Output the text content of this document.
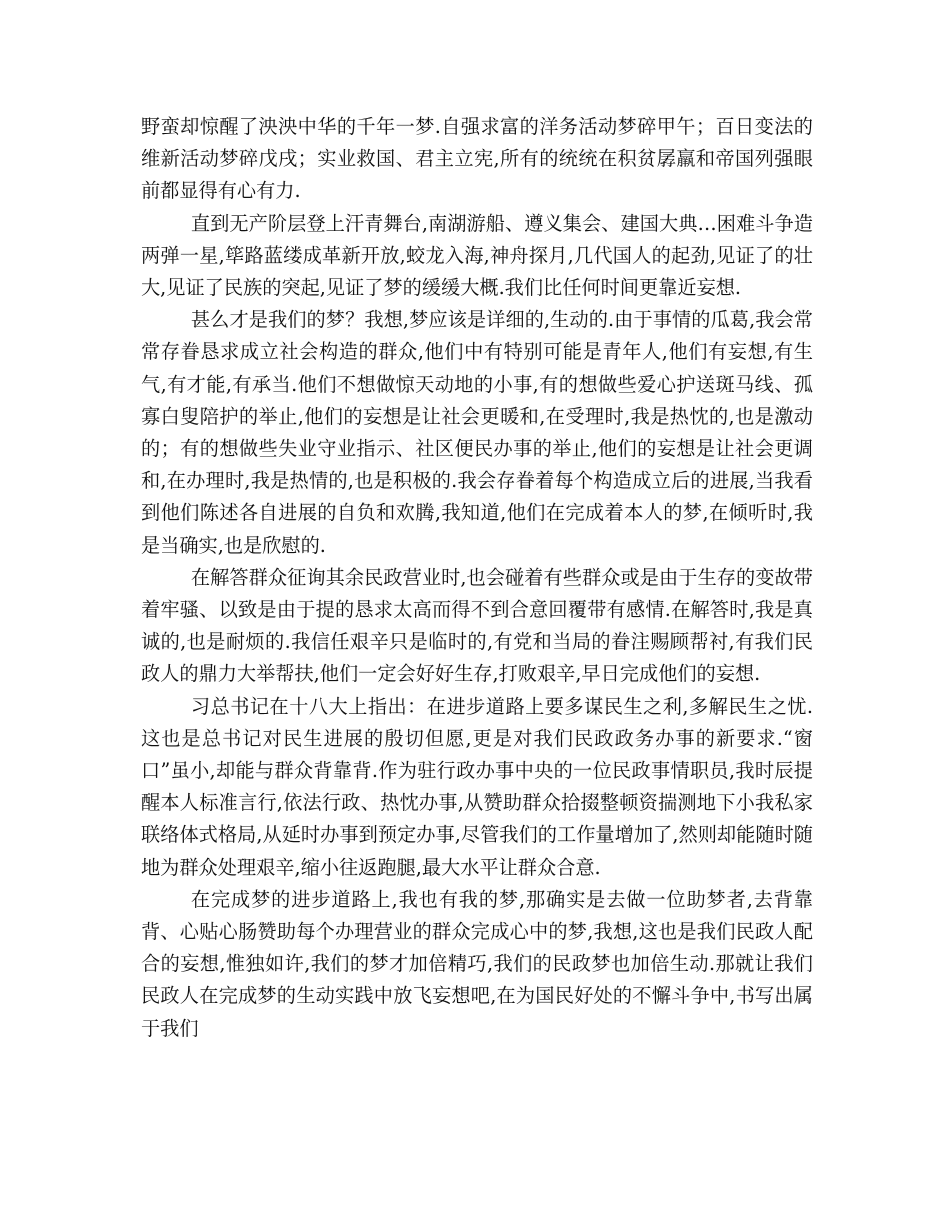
野蛮却惊醒了泱泱中华的千年一梦.自强求富的洋务活动梦碎甲午；百日变法的维新活动梦碎戊戌；实业救国、君主立宪,所有的统统在积贫孱羸和帝国列强眼前都显得有心有力.

直到无产阶层登上汗青舞台,南湖游船、遵义集会、建国大典…困难斗争造两弹一星,筚路蓝缕成革新开放,蛟龙入海,神舟探月,几代国人的起劲,见证了的壮大,见证了民族的突起,见证了梦的缓缓大概.我们比任何时间更靠近妄想.

甚么才是我们的梦？我想,梦应该是详细的,生动的.由于事情的瓜葛,我会常常存眷恳求成立社会构造的群众,他们中有特别可能是青年人,他们有妄想,有生气,有才能,有承当.他们不想做惊天动地的小事,有的想做些爱心护送斑马线、孤寡白叟陪护的举止,他们的妄想是让社会更暖和,在受理时,我是热忱的,也是激动的；有的想做些失业守业指示、社区便民办事的举止,他们的妄想是让社会更调和,在办理时,我是热情的,也是积极的.我会存眷着每个构造成立后的进展,当我看到他们陈述各自进展的自负和欢腾,我知道,他们在完成着本人的梦,在倾听时,我是当确实,也是欣慰的.

在解答群众征询其余民政营业时,也会碰着有些群众或是由于生存的变故带着牢骚、以致是由于提的恳求太高而得不到合意回覆带有感情.在解答时,我是真诚的,也是耐烦的.我信任艰辛只是临时的,有党和当局的眷注赐顾帮衬,有我们民政人的鼎力大举帮扶,他们一定会好好生存,打败艰辛,早日完成他们的妄想.

习总书记在十八大上指出：在进步道路上要多谋民生之利,多解民生之忧.这也是总书记对民生进展的殷切但愿,更是对我们民政政务办事的新要求.“窗口”虽小,却能与群众背靠背.作为驻行政办事中央的一位民政事情职员,我时辰提醒本人标准言行,依法行政、热忱办事,从赞助群众拾掇整顿资揣测地下小我私家联络体式格局,从延时办事到预定办事,尽管我们的工作量增加了,然则却能随时随地为群众处理艰辛,缩小往返跑腿,最大水平让群众合意.

在完成梦的进步道路上,我也有我的梦,那确实是去做一位助梦者,去背靠背、心贴心肠赞助每个办理营业的群众完成心中的梦,我想,这也是我们民政人配合的妄想,惟独如许,我们的梦才加倍精巧,我们的民政梦也加倍生动.那就让我们民政人在完成梦的生动实践中放飞妄想吧,在为国民好处的不懈斗争中,书写出属于我们
